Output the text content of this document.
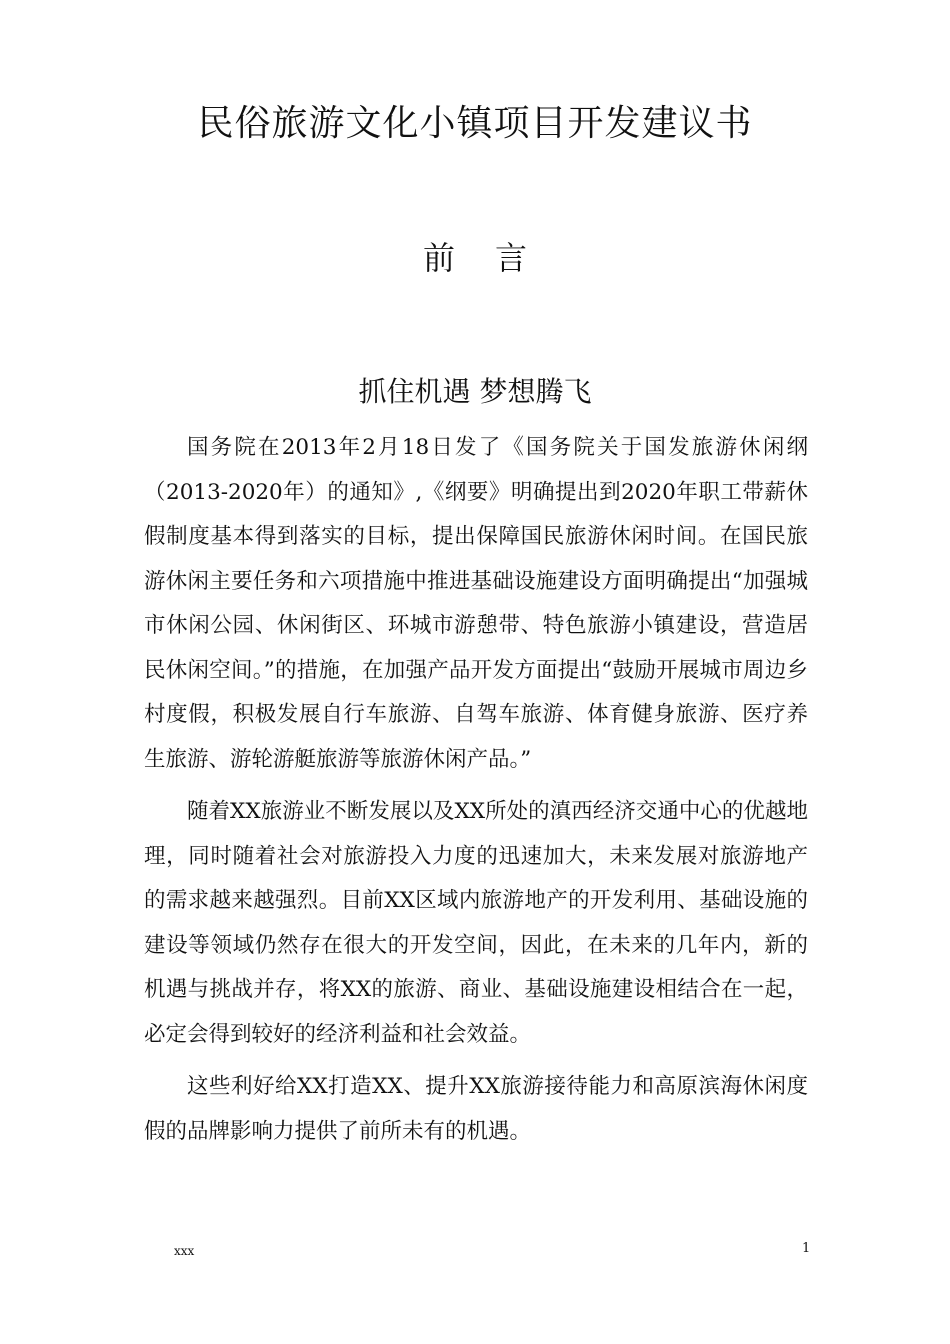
民俗旅游文化小镇项目开发建议书
前言
抓住机遇 梦想腾飞

国务院在2013年2月18日发了《国务院关于国发旅游休闲纲（2013-2020年）的通知》,《纲要》明确提出到2020年职工带薪休假制度基本得到落实的目标，提出保障国民旅游休闲时间。在国民旅游休闲主要任务和六项措施中推进基础设施建设方面明确提出“加强城市休闲公园、休闲街区、环城市游憩带、特色旅游小镇建设，营造居民休闲空间。”的措施，在加强产品开发方面提出“鼓励开展城市周边乡村度假，积极发展自行车旅游、自驾车旅游、体育健身旅游、医疗养生旅游、游轮游艇旅游等旅游休闲产品。”

随着XX旅游业不断发展以及XX所处的滇西经济交通中心的优越地理，同时随着社会对旅游投入力度的迅速加大，未来发展对旅游地产的需求越来越强烈。目前XX区域内旅游地产的开发利用、基础设施的建设等领域仍然存在很大的开发空间，因此，在未来的几年内，新的机遇与挑战并存，将XX的旅游、商业、基础设施建设相结合在一起，必定会得到较好的经济利益和社会效益。

这些利好给XX打造XX、提升XX旅游接待能力和高原滨海休闲度假的品牌影响力提供了前所未有的机遇。

xxx	1
